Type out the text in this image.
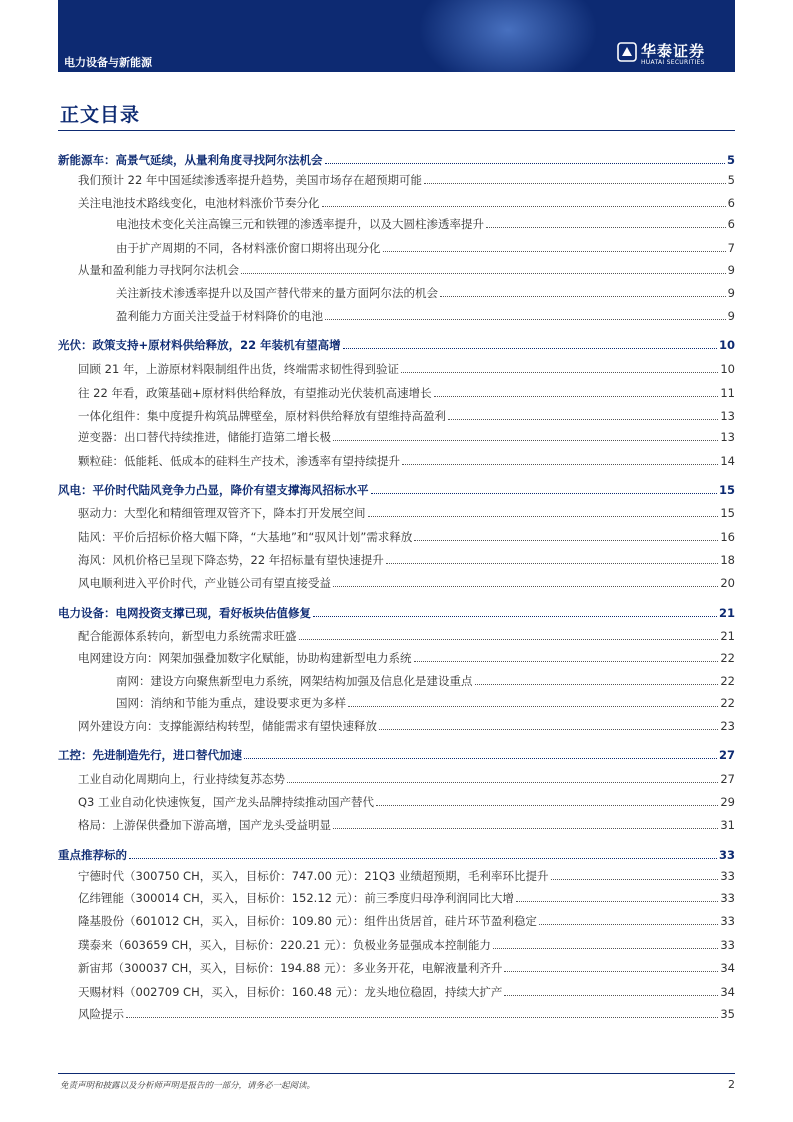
电力设备与新能源
华泰证券
HUATAI SECURITIES
正文目录
新能源车：高景气延续，从量利角度寻找阿尔法机会	5
我们预计 22 年中国延续渗透率提升趋势，美国市场存在超预期可能	5
关注电池技术路线变化，电池材料涨价节奏分化	6
电池技术变化关注高镍三元和铁锂的渗透率提升，以及大圆柱渗透率提升	6
由于扩产周期的不同，各材料涨价窗口期将出现分化	7
从量和盈利能力寻找阿尔法机会	9
关注新技术渗透率提升以及国产替代带来的量方面阿尔法的机会	9
盈利能力方面关注受益于材料降价的电池	9
光伏：政策支持+原材料供给释放，22 年装机有望高增	10
回顾 21 年，上游原材料限制组件出货，终端需求韧性得到验证	10
往 22 年看，政策基础+原材料供给释放，有望推动光伏装机高速增长	11
一体化组件：集中度提升构筑品牌壁垒，原材料供给释放有望维持高盈利	13
逆变器：出口替代持续推进，储能打造第二增长极	13
颗粒硅：低能耗、低成本的硅料生产技术，渗透率有望持续提升	14
风电：平价时代陆风竞争力凸显，降价有望支撑海风招标水平	15
驱动力：大型化和精细管理双管齐下，降本打开发展空间	15
陆风：平价后招标价格大幅下降，“大基地”和“驭风计划”需求释放	16
海风：风机价格已呈现下降态势，22 年招标量有望快速提升	18
风电顺利进入平价时代，产业链公司有望直接受益	20
电力设备：电网投资支撑已现，看好板块估值修复	21
配合能源体系转向，新型电力系统需求旺盛	21
电网建设方向：网架加强叠加数字化赋能，协助构建新型电力系统	22
南网：建设方向聚焦新型电力系统，网架结构加强及信息化是建设重点	22
国网：消纳和节能为重点，建设要求更为多样	22
网外建设方向：支撑能源结构转型，储能需求有望快速释放	23
工控：先进制造先行，进口替代加速	27
工业自动化周期向上，行业持续复苏态势	27
Q3 工业自动化快速恢复，国产龙头品牌持续推动国产替代	29
格局：上游保供叠加下游高增，国产龙头受益明显	31
重点推荐标的	33
宁德时代（300750 CH，买入，目标价：747.00 元）：21Q3 业绩超预期，毛利率环比提升	33
亿纬锂能（300014 CH，买入，目标价：152.12 元）：前三季度归母净利润同比大增	33
隆基股份（601012 CH，买入，目标价：109.80 元）：组件出货居首，硅片环节盈利稳定	33
璞泰来（603659 CH，买入，目标价：220.21 元）：负极业务显强成本控制能力	33
新宙邦（300037 CH，买入，目标价：194.88 元）：多业务开花，电解液量利齐升	34
天赐材料（002709 CH，买入，目标价：160.48 元）：龙头地位稳固，持续大扩产	34
风险提示	35
免责声明和披露以及分析师声明是报告的一部分，请务必一起阅读。	2
